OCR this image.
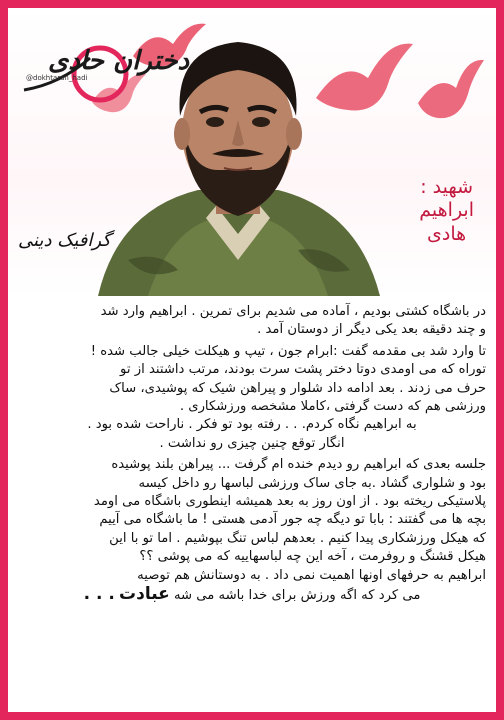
دختران حادی
@dokhtaran_hadi
گرافیک دینی
شهید :
ابراهیم
هادی
در باشگاه کشتی بودیم ، آماده می شدیم برای تمرین . ابراهیم وارد شد
و چند دقیقه بعد یکی دیگر از دوستان آمد .
تا وارد شد بی مقدمه گفت :ابرام جون ، تیپ و هیکلت خیلی جالب شده !
توراه که می اومدی دوتا دختر پشت سرت بودند، مرتب داشتند از تو
حرف می زدند . بعد ادامه داد شلوار و پیراهن شیک که پوشیدی، ساک
ورزشی هم که دست گرفتی ،کاملا مشخصه ورزشکاری .
به ابراهیم نگاه کردم. . . رفته بود تو فکر . ناراحت شده بود .
انگار توقع چنین چیزی رو نداشت .
جلسه بعدی که ابراهیم رو دیدم خنده ام گرفت ... پیراهن بلند پوشیده
بود و شلواری گشاد .به جای ساک ورزشی لباسها رو داخل کیسه
پلاستیکی ریخته بود . از اون روز به بعد همیشه اینطوری باشگاه می اومد
بچه ها می گفتند : بابا تو دیگه چه جور آدمی هستی ! ما باشگاه می آییم
که هیکل ورزشکاری پیدا کنیم . بعدهم لباس تنگ بپوشیم . اما تو با این
هیکل قشنگ و روفرمت ، آخه این چه لباسهاییه که می پوشی ؟؟
ابراهیم به حرفهای اونها اهمیت نمی داد . به دوستانش هم توصیه
می کرد که اگه ورزش برای خدا باشه می شه عبادت . . .
